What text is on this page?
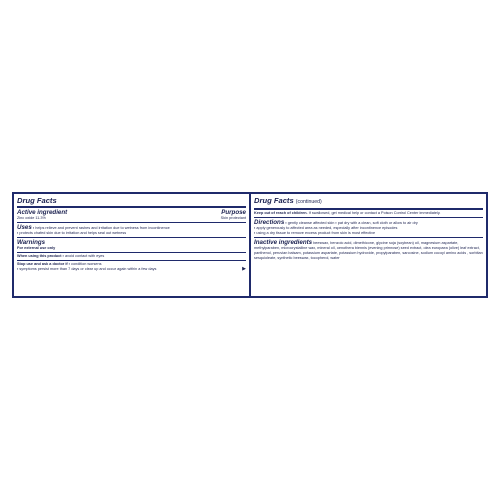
Drug Facts
Active ingredient	Purpose
Zinc oxide 11.3%	Skin protectant
Uses ▪ helps relieve and prevent rashes and irritation due to wetness from incontinence
▪ protects chafed skin due to irritation and helps seal out wetness
Warnings
For external use only
When using this product ▪ avoid contact with eyes
Stop use and ask a doctor if ▪ condition worsens
▪ symptoms persist more than 7 days or clear up and occur again within a few days	▶
Drug Facts (continued)
Keep out of reach of children. If swallowed, get medical help or contact a Poison Control Center immediately.
Directions ▪ gently cleanse affected skin ▪ pat dry with a clean, soft cloth or allow to air dry
▪ apply generously to affected area as needed, especially after incontinence episodes
▪ using a dry tissue to remove excess product from skin is most effective
Inactive ingredients beeswax, benzoic acid, dimethicone, glycine soja (soybean) oil, magnesium aspartate, methylparaben, microcrystalline wax, mineral oil, oenothera biennis (evening primrose) seed extract, olea europaea (olive) leaf extract, panthenol, peruvian balsam, potassium aspartate, potassium hydroxide, propylparaben, sarcosine, sodium cocoyl amino acids , sorbitan sesquioleate, synthetic beeswax, tocopherol, water
